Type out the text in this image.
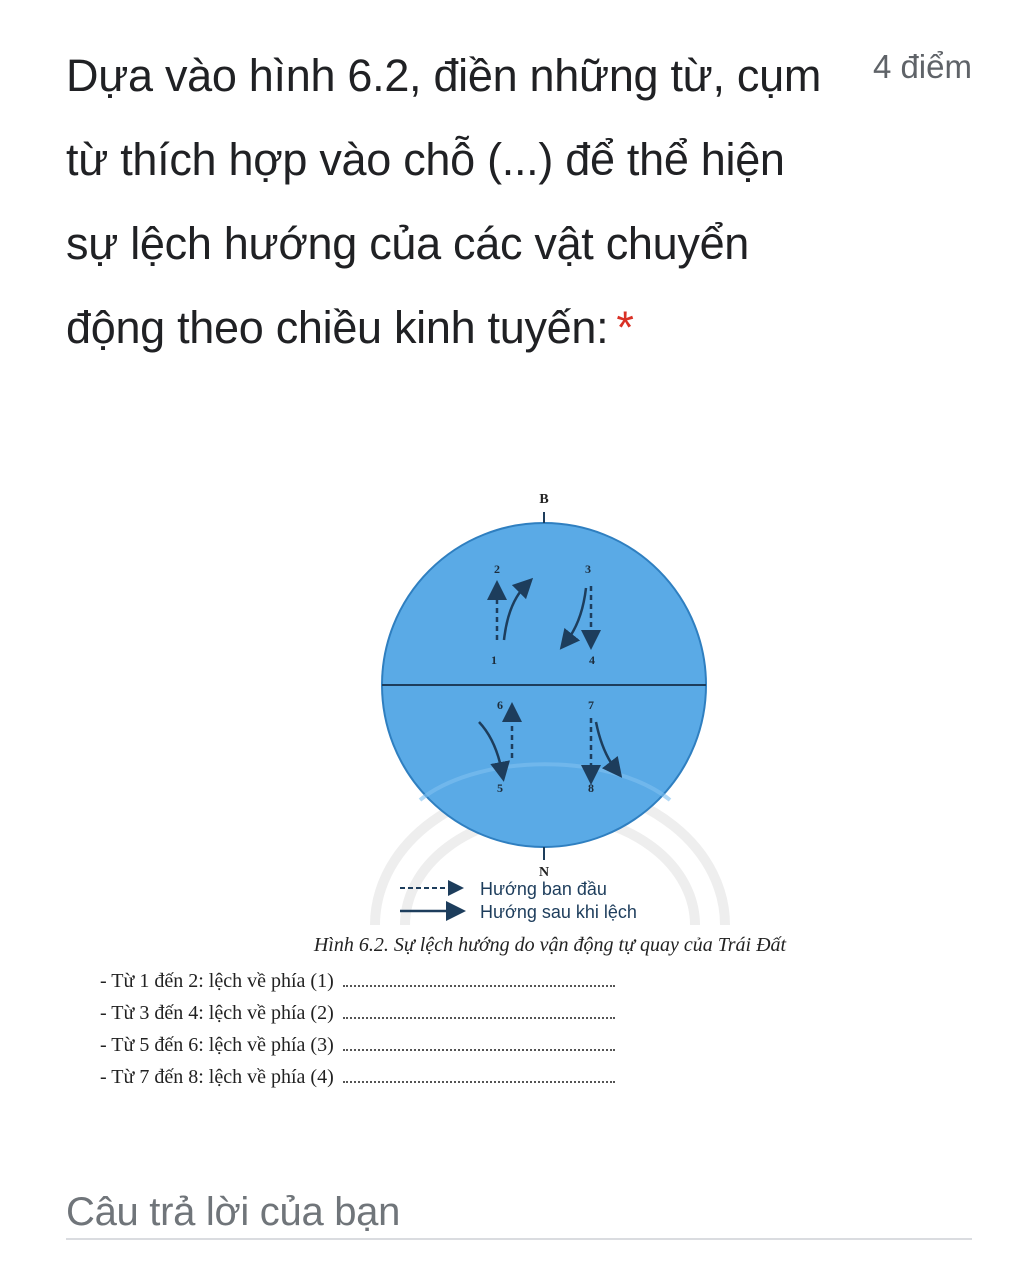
Dựa vào hình 6.2, điền những từ, cụm
từ thích hợp vào chỗ (...) để thể hiện
sự lệch hướng của các vật chuyển
động theo chiều kinh tuyến: *
4 điểm
B
N
1
2	3
4
5
6	7
8
Hướng ban đầu
Hướng sau khi lệch
Hình 6.2. Sự lệch hướng do vận động tự quay của Trái Đất
- Từ 1 đến 2: lệch về phía (1)
- Từ 3 đến 4: lệch về phía (2)
- Từ 5 đến 6: lệch về phía (3)
- Từ 7 đến 8: lệch về phía (4)
Câu trả lời của bạn
